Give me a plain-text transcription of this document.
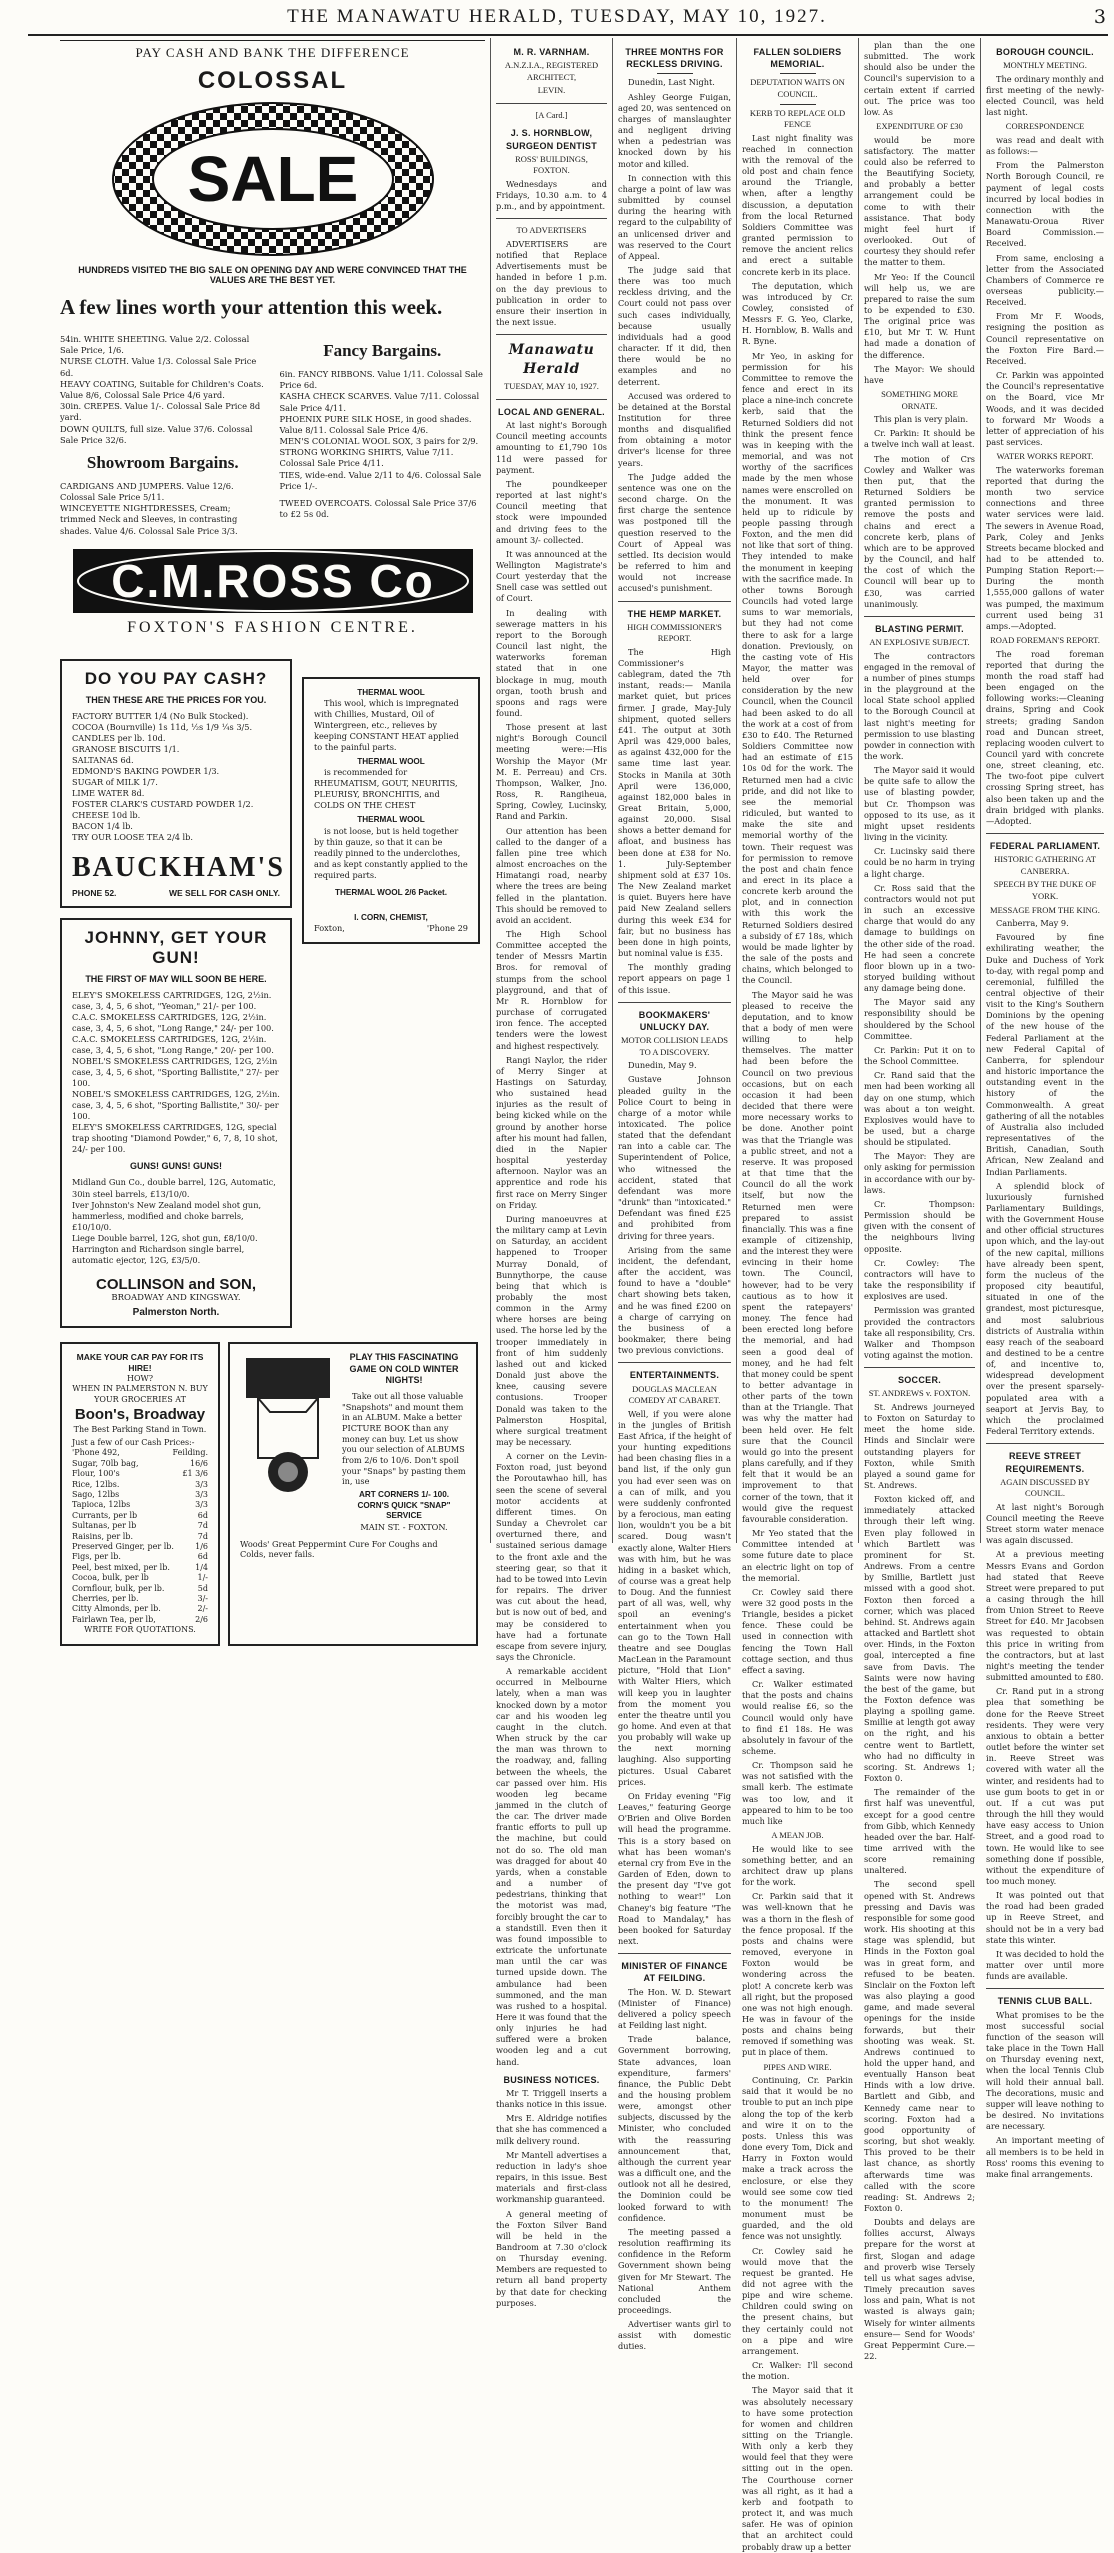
THE MANAWATU HERALD, TUESDAY, MAY 10, 1927.	3
PAY CASH AND BANK THE DIFFERENCE
COLOSSAL
SALE
HUNDREDS VISITED THE BIG SALE ON OPENING DAY AND WERE CONVINCED THAT THE VALUES ARE THE BEST YET.
A few lines worth your attention this week.
54in. WHITE SHEETING. Value 2/2. Colossal Sale Price, 1/6.
NURSE CLOTH. Value 1/3. Colossal Sale Price 6d.
HEAVY COATING, Suitable for Children's Coats. Value 8/6, Colossal Sale Price 4/6 yard.
30in. CREPES. Value 1/-. Colossal Sale Price 8d yard.
DOWN QUILTS, full size. Value 37/6. Colossal Sale Price 32/6.
Showroom Bargains.
CARDIGANS AND JUMPERS. Value 12/6. Colossal Sale Price 5/11.
WINCEYETTE NIGHTDRESSES, Cream; trimmed Neck and Sleeves, in contrasting shades. Value 4/6. Colossal Sale Price 3/3.
Fancy Bargains.
6in. FANCY RIBBONS. Value 1/11. Colossal Sale Price 6d.
KASHA CHECK SCARVES. Value 7/11. Colossal Sale Price 4/11.
PHOENIX PURE SILK HOSE, in good shades. Value 8/11. Colossal Sale Price 4/6.
MEN'S COLONIAL WOOL SOX, 3 pairs for 2/9.
STRONG WORKING SHIRTS, Value 7/11. Colossal Sale Price 4/11.
TIES, wide-end. Value 2/11 to 4/6. Colossal Sale Price 1/-.
TWEED OVERCOATS. Colossal Sale Price 37/6 to £2 5s 0d.
C.M.ROSS Co
FOXTON'S FASHION CENTRE.
DO YOU PAY CASH?
THEN THESE ARE THE PRICES FOR YOU.
FACTORY BUTTER 1/4 (No Bulk Stocked).
COCOA (Bournville) 1s 11d, ½s 1/9 ¼s 3/5.
CANDLES per lb. 10d.
GRANOSE BISCUITS 1/1.
SALTANAS 6d.
EDMOND'S BAKING POWDER 1/3.
SUGAR of MILK 1/7.
LIME WATER 8d.
FOSTER CLARK'S CUSTARD POWDER 1/2.
CHEESE 10d lb.
BACON 1/4 lb.
TRY OUR LOOSE TEA 2/4 lb.
BAUCKHAM'S
PHONE 52.	WE SELL FOR CASH ONLY.
JOHNNY, GET YOUR GUN!
THE FIRST OF MAY WILL SOON BE HERE.
ELEY'S SMOKELESS CARTRIDGES, 12G, 2½in. case, 3, 4, 5, 6 shot, "Yeoman," 21/- per 100.
C.A.C. SMOKELESS CARTRIDGES, 12G, 2½in. case, 3, 4, 5, 6 shot, "Long Range," 24/- per 100.
C.A.C. SMOKELESS CARTRIDGES, 12G, 2½in. case, 3, 4, 5, 6 shot, "Long Range," 20/- per 100.
NOBEL'S SMOKELESS CARTRIDGES, 12G, 2½in case, 3, 4, 5, 6 shot, "Sporting Ballistite," 27/- per 100.
NOBEL'S SMOKELESS CARTRIDGES, 12G, 2½in. case, 3, 4, 5, 6 shot, "Sporting Ballistite," 30/- per 100.
ELEY'S SMOKELESS CARTRIDGES, 12G, special trap shooting "Diamond Powder," 6, 7, 8, 10 shot, 24/- per 100.
GUNS! GUNS! GUNS!
Midland Gun Co., double barrel, 12G, Automatic, 30in steel barrels, £13/10/0.
Iver Johnston's New Zealand model shot gun, hammerless, modified and choke barrels, £10/10/0.
Liege Double barrel, 12G, shot gun, £8/10/0.
Harrington and Richardson single barrel, automatic ejector, 12G, £3/5/0.
COLLINSON and SON,
BROADWAY AND KINGSWAY.
Palmerston North.
THERMAL WOOL

This wool, which is impregnated with Chillies, Mustard, Oil of Wintergreen, etc., relieves by keeping CONSTANT HEAT applied to the painful parts.

THERMAL WOOL

is recommended for RHEUMATISM, GOUT, NEURITIS, PLEURISY, BRONCHITIS, and COLDS ON THE CHEST

THERMAL WOOL

is not loose, but is held together by thin gauze, so that it can be readily pinned to the underclothes, and as kept constantly applied to the required parts.

THERMAL WOOL 2/6 Packet.
I. CORN, CHEMIST,
Foxton,	'Phone 29
MAKE YOUR CAR PAY FOR ITS HIRE!
HOW?
WHEN IN PALMERSTON N. BUY YOUR GROCERIES AT
Boon's, Broadway
The Best Parking Stand in Town.
Just a few of our Cash Prices:-
'Phone 492,	Feilding.
Sugar, 70lb bag,	16/6
Flour, 100's	£1 3/6
Rice, 12lbs.	3/3
Sago, 12lbs	3/3
Tapioca, 12lbs	3/3
Currants, per lb	6d
Sultanas, per lb	7d
Raisins, per lb.	7d
Preserved Ginger, per lb.	1/6
Figs, per lb.	6d
Peel, best mixed, per lb.	1/4
Cocoa, bulk, per lb	1/-
Cornflour, bulk, per lb.	5d
Cherries, per lb.	3/-
Citty Almonds, per lb.	2/-
Fairlawn Tea, per lb,	2/6
WRITE FOR QUOTATIONS.
PLAY THIS FASCINATING GAME ON COLD WINTER NIGHTS!

Take out all those valuable "Snapshots" and mount them in an ALBUM. Make a better PICTURE BOOK than any money can buy. Let us show you our selection of ALBUMS from 2/6 to 10/6. Don't spoil your "Snaps" by pasting them in, use

ART CORNERS 1/- 100.
CORN'S QUICK "SNAP" SERVICE
MAIN ST. - FOXTON.
Woods' Great Peppermint Cure For Coughs and Colds, never fails.
M. R. VARNHAM.
A.N.Z.I.A., REGISTERED ARCHITECT,
LEVIN.
[A Card.]
J. S. HORNBLOW, SURGEON DENTIST
ROSS' BUILDINGS, FOXTON.

Wednesdays and Fridays, 10.30 a.m. to 4 p.m., and by appointment.

TO ADVERTISERS

ADVERTISERS are notified that Replace Advertisements must be handed in before 1 p.m. on the day previous to publication in order to ensure their insertion in the next issue.

Manawatu Herald
TUESDAY, MAY 10, 1927.
LOCAL AND GENERAL.

At last night's Borough Council meeting accounts amounting to £1,790 10s 11d were passed for payment.

The poundkeeper reported at last night's Council meeting that stock were impounded and driving fees to the amount 3/- collected.

It was announced at the Wellington Magistrate's Court yesterday that the Snell case was settled out of Court.

In dealing with sewerage matters in his report to the Borough Council last night, the waterworks foreman stated that in one blockage in mug, mouth organ, tooth brush and spoons and rags were found.

Those present at last night's Borough Council meeting were:—His Worship the Mayor (Mr M. E. Perreau) and Crs. Thompson, Walker, Jno. Ross, R. Rangiheua, Spring, Cowley, Lucinsky, Rand and Parkin.

Our attention has been called to the danger of a fallen pine tree which almost encroaches on the Himatangi road, nearby where the trees are being felled in the plantation. This should be removed to avoid an accident.

The High School Committee accepted the tender of Messrs Martin Bros. for removal of stumps from the school playground, and that of Mr R. Hornblow for purchase of corrugated iron fence. The accepted tenders were the lowest and highest respectively.

Rangi Naylor, the rider of Merry Singer at Hastings on Saturday, who sustained head injuries as the result of being kicked while on the ground by another horse after his mount had fallen, died in the Napier hospital yesterday afternoon. Naylor was an apprentice and rode his first race on Merry Singer on Friday.

During manoeuvres at the military camp at Levin on Saturday, an accident happened to Trooper Murray Donald, of Bunnythorpe, the cause being that which is probably the most common in the Army where horses are being used. The horse led by the trooper immediately in front of him suddenly lashed out and kicked Donald just above the knee, causing severe contusions. Trooper Donald was taken to the Palmerston Hospital, where surgical treatment may be necessary.

A corner on the Levin-Foxton road, just beyond the Poroutawhao hill, has seen the scene of several motor accidents at different times. On Sunday a Chevrolet car overturned there, and sustained serious damage to the front axle and the steering gear, so that it had to be towed into Levin for repairs. The driver was cut about the head, but is now out of bed, and may be considered to have had a fortunate escape from severe injury, says the Chronicle.

A remarkable accident occurred in Melbourne lately, when a man was knocked down by a motor car and his wooden leg caught in the clutch. When struck by the car the man was thrown to the roadway, and, falling between the wheels, the car passed over him. His wooden leg became jammed in the clutch of the car. The driver made frantic efforts to pull up the machine, but could not do so. The old man was dragged for about 40 yards, when a constable and a number of pedestrians, thinking that the motorist was mad, forcibly brought the car to a standstill. Even then it was found impossible to extricate the unfortunate man until the car was turned upside down. The ambulance had been summoned, and the man was rushed to a hospital. Here it was found that the only injuries he had suffered were a broken wooden leg and a cut hand.

BUSINESS NOTICES.

Mr T. Triggell inserts a thanks notice in this issue.

Mrs E. Aldridge notifies that she has commenced a milk delivery round.

Mr Mantell advertises a reduction in lady's shoe repairs, in this issue. Best materials and first-class workmanship guaranteed.

A general meeting of the Foxton Silver Band will be held in the Bandroom at 7.30 o'clock on Thursday evening. Members are requested to return all band property by that date for checking purposes.

THREE MONTHS FOR RECKLESS DRIVING.

Dunedin, Last Night.

Ashley George Fuigan, aged 20, was sentenced on charges of manslaughter and negligent driving when a pedestrian was knocked down by his motor and killed.

In connection with this charge a point of law was submitted by counsel during the hearing with regard to the culpability of an unlicensed driver and was reserved to the Court of Appeal.

The judge said that there was too much reckless driving, and the Court could not pass over such cases individually, because usually individuals had a good character. If it did, then there would be no examples and no deterrent.

Accused was ordered to be detained at the Borstal Institution for three months and disqualified from obtaining a motor driver's license for three years.

The Judge added the sentence was one on the second charge. On the first charge the sentence was postponed till the question reserved to the Court of Appeal was settled. Its decision would be referred to him and would not increase accused's punishment.

THE HEMP MARKET.
HIGH COMMISSIONER'S REPORT.

The High Commissioner's cablegram, dated the 7th instant, reads:— Manila market quiet, but prices firmer. J grade, May-July shipment, quoted sellers £41. The output at 30th April was 429,000 bales, as against 432,000 for the same time last year. Stocks in Manila at 30th April were 136,000, against 182,000 bales in Great Britain, 5,000, against 20,000. Sisal shows a better demand for afloat, and business has been done at £38 for No. 1. July-September shipment sold at £37 10s. The New Zealand market is quiet. Buyers here have paid New Zealand sellers during this week £34 for fair, but no business has been done in high points, but nominal value is £35.

The monthly grading report appears on page 1 of this issue.

BOOKMAKERS' UNLUCKY DAY.
MOTOR COLLISION LEADS TO A DISCOVERY.

Dunedin, May 9.

Gustave Johnson pleaded guilty in the Police Court to being in charge of a motor while intoxicated. The police stated that the defendant ran into a cable car. The Superintendent of Police, who witnessed the accident, stated that defendant was more "drunk" than "intoxicated." Defendant was fined £25 and prohibited from driving for three years.

Arising from the same incident, the defendant, after the accident, was found to have a "double" chart showing bets taken, and he was fined £200 on a charge of carrying on the business of a bookmaker, there being two previous convictions.

ENTERTAINMENTS.
DOUGLAS MACLEAN COMEDY AT CABARET.

Well, if you were alone in the jungles of British East Africa, if the height of your hunting expeditions had been chasing flies in a band list, if the only gun you had ever seen was on a can of milk, and you were suddenly confronted by a ferocious, man eating lion, wouldn't you be a bit scared. Doug wasn't exactly alone, Walter Hiers was with him, but he was hiding in a basket which, of course was a great help to Doug. And the funniest part of all was, well, why spoil an evening's entertainment when you can go to the Town Hall theatre and see Douglas MacLean in the Paramount picture, "Hold that Lion" with Walter Hiers, which will keep you in laughter from the moment you enter the theatre until you go home. And even at that you probably will wake up the next morning laughing. Also supporting pictures. Usual Cabaret prices.

On Friday evening "Fig Leaves," featuring George O'Brien and Olive Borden will head the programme. This is a story based on what has been woman's eternal cry from Eve in the Garden of Eden, down to the present day "I've got nothing to wear!" Lon Chaney's big feature "The Road to Mandalay," has been booked for Saturday next.

MINISTER OF FINANCE AT FEILDING.

The Hon. W. D. Stewart (Minister of Finance) delivered a policy speech at Feilding last night.

Trade balance, Government borrowing, State advances, loan expenditure, farmers' finance, the Public Debt and the housing problem were, amongst other subjects, discussed by the Minister, who concluded with the reassuring announcement that, although the current year was a difficult one, and the outlook not all he desired, the Dominion could be looked forward to with confidence.

The meeting passed a resolution reaffirming its confidence in the Reform Government shown being given for Mr Stewart. The National Anthem concluded the proceedings.

Advertiser wants girl to assist with domestic duties.

FALLEN SOLDIERS MEMORIAL.
DEPUTATION WAITS ON COUNCIL.
KERB TO REPLACE OLD FENCE

Last night finality was reached in connection with the removal of the old post and chain fence around the Triangle, when, after a lengthy discussion, a deputation from the local Returned Soldiers Committee was granted permission to remove the ancient relics and erect a suitable concrete kerb in its place.

The deputation, which was introduced by Cr. Cowley, consisted of Messrs F. G. Yeo, Clarke, H. Hornblow, B. Walls and R. Byne.

Mr Yeo, in asking for permission for his Committee to remove the fence and erect in its place a nine-inch concrete kerb, said that the Returned Soldiers did not think the present fence was in keeping with the memorial, and was not worthy of the sacrifices made by the men whose names were enscrolled on the monument. It was held up to ridicule by people passing through Foxton, and the men did not like that sort of thing. They intended to make the monument in keeping with the sacrifice made. In other towns Borough Councils had voted large sums to war memorials, but they had not come there to ask for a large donation. Previously, on the casting vote of His Mayor, the matter was held over for consideration by the new Council, when the Council had been asked to do all the work at a cost of from £30 to £40. The Returned Soldiers Committee now had an estimate of £15 10s 0d for the work. The Returned men had a civic pride, and did not like to see the memorial ridiculed, but wanted to make the site and memorial worthy of the town. Their request was for permission to remove the post and chain fence and erect in its place a concrete kerb around the plot, and in connection with this work the Returned Soldiers desired a subsidy of £7 18s, which would be made lighter by the sale of the posts and chains, which belonged to the Council.

The Mayor said he was pleased to receive the deputation, and to know that a body of men were willing to help themselves. The matter had been before the Council on two previous occasions, but on each occasion it had been decided that there were more necessary works to be done. Another point was that the Triangle was a public street, and not a reserve. It was proposed at that time that the Council do all the work itself, but now the Returned men were prepared to assist financially. This was a fine example of citizenship, and the interest they were evincing in their home town. The Council, however, had to be very cautious as to how it spent the ratepayers' money. The fence had been erected long before the memorial, and had seen a good deal of money, and he had felt that money could be spent to better advantage in other parts of the town than at the Triangle. That was why the matter had been held over. He felt sure that the Council would go into the present plans carefully, and if they felt that it would be an improvement to that corner of the town, that it would give the request favourable consideration.

Mr Yeo stated that the Committee intended at some future date to place an electric light on top of the memorial.

Cr. Cowley said there were 32 good posts in the Triangle, besides a picket fence. These could be used in connection with fencing the Town Hall cottage section, and thus effect a saving.

Cr. Walker estimated that the posts and chains would realise £6, so the Council would only have to find £1 18s. He was absolutely in favour of the scheme.

Cr. Thompson said he was not satisfied with the small kerb. The estimate was too low, and it appeared to him to be too much like

A MEAN JOB.

He would like to see something better, and an architect draw up plans for the work.

Cr. Parkin said that it was well-known that he was a thorn in the flesh of the fence proposal. If the posts and chains were removed, everyone in Foxton would be wondering across the plot! A concrete kerb was all right, but the proposed one was not high enough. He was in favour of the posts and chains being removed if something was put in place of them.

PIPES AND WIRE.

Continuing, Cr. Parkin said that it would be no trouble to put an inch pipe along the top of the kerb and wire it on to the posts. Unless this was done every Tom, Dick and Harry in Foxton would make a track across the enclosure, or else they would see some cow tied to the monument! The monument must be guarded, and the old fence was not unsightly.

Cr. Cowley said he would move that the request be granted. He did not agree with the pipe and wire scheme. Children could swing on the present chains, but they certainly could not on a pipe and wire arrangement.

Cr. Walker: I'll second the motion.

The Mayor said that it was absolutely necessary to have some protection for women and children sitting on the Triangle. With only a kerb they would feel that they were sitting out in the open. The Courthouse corner was all right, as it had a kerb and footpath to protect it, and was much safer. He was of opinion that an architect could probably draw up a better

plan than the one submitted. The work should also be under the Council's supervision to a certain extent if carried out. The price was too low. As

EXPENDITURE OF £30

would be more satisfactory. The matter could also be referred to the Beautifying Society, and probably a better arrangement could be come to with their assistance. That body might feel hurt if overlooked. Out of courtesy they should refer the matter to them.

Mr Yeo: If the Council will help us, we are prepared to raise the sum to be expended to £30. The original price was £10, but Mr T. W. Hunt had made a donation of the difference.

The Mayor: We should have

SOMETHING MORE ORNATE.

This plan is very plain.

Cr. Parkin: It should be a twelve inch wall at least.

The motion of Crs Cowley and Walker was then put, that the Returned Soldiers be granted permission to remove the posts and chains and erect a concrete kerb, plans of which are to be approved by the Council, and half the cost of which the Council will bear up to £30, was carried unanimously.

BLASTING PERMIT.
AN EXPLOSIVE SUBJECT.

The contractors engaged in the removal of a number of pines stumps in the playground at the local State school applied to the Borough Council at last night's meeting for permission to use blasting powder in connection with the work.

The Mayor said it would be quite safe to allow the use of blasting powder, but Cr. Thompson was opposed to its use, as it might upset residents living in the vicinity.

Cr. Lucinsky said there could be no harm in trying a light charge.

Cr. Ross said that the contractors would not put in such an excessive charge that would do any damage to buildings on the other side of the road. He had seen a concrete floor blown up in a two-storyed building without any damage being done.

The Mayor said any responsibility should be shouldered by the School Committee.

Cr. Parkin: Put it on to the School Committee.

Cr. Rand said that the men had been working all day on one stump, which was about a ton weight. Explosives would have to be used, but a charge should be stipulated.

The Mayor: They are only asking for permission in accordance with our by-laws.

Cr. Thompson: Permission should be given with the consent of the neighbours living opposite.

Cr. Cowley: The contractors will have to take the responsibility if explosives are used.

Permission was granted provided the contractors take all responsibility, Crs. Walker and Thompson voting against the motion.

SOCCER.
ST. ANDREWS v. FOXTON.

St. Andrews journeyed to Foxton on Saturday to meet the home side. Hinds and Sinclair were outstanding players for Foxton, while Smith played a sound game for St. Andrews.

Foxton kicked off, and immediately attacked through their left wing. Even play followed in which Bartlett was prominent for St. Andrews. From a centre by Smillie, Bartlett just missed with a good shot. Foxton then forced a corner, which was placed behind. St. Andrews again attacked and Bartlett shot over. Hinds, in the Foxton goal, intercepted a fine save from Davis. The Saints were now having the best of the game, but the Foxton defence was playing a spoiling game. Smillie at length got away on the right, and his centre went to Bartlett, who had no difficulty in scoring. St. Andrews 1; Foxton 0.

The remainder of the first half was uneventful, except for a good centre from Gibb, which Kennedy headed over the bar. Half-time arrived with the score remaining unaltered.

The second spell opened with St. Andrews pressing and Davis was responsible for some good work. His shooting at this stage was splendid, but Hinds in the Foxton goal was in great form, and refused to be beaten. Sinclair on the Foxton left was also playing a good game, and made several openings for the inside forwards, but their shooting was weak. St. Andrews continued to hold the upper hand, and eventually Hanson beat Hinds with a low drive. Bartlett and Gibb, and Kennedy came near to scoring. Foxton had a good opportunity of scoring, but shot weakly. This proved to be their last chance, as shortly afterwards time was called with the score reading: St. Andrews 2; Foxton 0.

Doubts and delays are follies accurst, Always prepare for the worst at first, Slogan and adage and proverb wise Tersely tell us what sages advise, Timely precaution saves loss and pain, What is not wasted is always gain; Wisely for winter ailments ensure— Send for Woods' Great Peppermint Cure.—22.

BOROUGH COUNCIL.
MONTHLY MEETING.

The ordinary monthly and first meeting of the newly-elected Council, was held last night.

CORRESPONDENCE

was read and dealt with as follows:—

From the Palmerston North Borough Council, re payment of legal costs incurred by local bodies in connection with the Manawatu-Oroua River Board Commission.—Received.

From same, enclosing a letter from the Associated Chambers of Commerce re overseas publicity.—Received.

From Mr F. Woods, resigning the position as Council representative on the Foxton Fire Bard.—Received.

Cr. Parkin was appointed the Council's representative on the Board, vice Mr Woods, and it was decided to forward Mr Woods a letter of appreciation of his past services.

WATER WORKS REPORT.

The waterworks foreman reported that during the month two service connections and three water services were laid. The sewers in Avenue Road, Park, Coley and Jenks Streets became blocked and had to be attended to. Pumping Station Report:—During the month 1,555,000 gallons of water was pumped, the maximum current used being 31 amps.—Adopted.

ROAD FOREMAN'S REPORT.

The road foreman reported that during the month the road staff had been engaged on the following works:—Cleaning drains, Spring and Cook streets; grading Sandon road and Duncan street, replacing wooden culvert to Council yard with concrete one, street cleaning, etc. The two-foot pipe culvert crossing Spring street, has also been taken up and the drain bridged with planks.—Adopted.

FEDERAL PARLIAMENT.
HISTORIC GATHERING AT CANBERRA.
SPEECH BY THE DUKE OF YORK.
MESSAGE FROM THE KING.

Canberra, May 9.

Favoured by fine exhilirating weather, the Duke and Duchess of York to-day, with regal pomp and ceremonial, fulfilled the central objective of their visit to the King's Southern Dominions by the opening of the new house of the Federal Parliament at the new Federal Capital of Canberra, for splendour and historic importance the outstanding event in the history of the Commonwealth. A great gathering of all the notables of Australia also included representatives of the British, Canadian, South African, New Zealand and Indian Parliaments.

A splendid block of luxuriously furnished Parliamentary Buildings, with the Government House and other official structures upon which, and the lay-out of the new capital, millions have already been spent, form the nucleus of the proposed city beautiful, situated in one of the grandest, most picturesque, and most salubrious districts of Australia within easy reach of the seaboard and destined to be a centre of, and incentive to, widespread development over the present sparsely-populated area with a seaport at Jervis Bay, to which the proclaimed Federal Territory extends.

REEVE STREET REQUIREMENTS.
AGAIN DISCUSSED BY COUNCIL.

At last night's Borough Council meeting the Reeve Street storm water menace was again discussed.

At a previous meeting Messrs Evans and Gordon had stated that Reeve Street were prepared to put a casing through the hill from Union Street to Reeve Street for £40. Mr Jacobsen was requested to obtain this price in writing from the contractors, but at last night's meeting the tender submitted amounted to £80.

Cr. Rand put in a strong plea that something be done for the Reeve Street residents. They were very anxious to obtain a better outlet before the winter set in. Reeve Street was covered with water all the winter, and residents had to use gum boots to get in or out. If a cut was put through the hill they would have easy access to Union Street, and a good road to town. He would like to see something done if possible, without the expenditure of too much money.

It was pointed out that the road had been graded up in Reeve Street, and should not be in a very bad state this winter.

It was decided to hold the matter over until more funds are available.

TENNIS CLUB BALL.

What promises to be the most successful social function of the season will take place in the Town Hall on Thursday evening next, when the local Tennis Club will hold their annual ball. The decorations, music and supper will leave nothing to be desired. No invitations are necessary.

An important meeting of all members is to be held in Ross' rooms this evening to make final arrangements.
